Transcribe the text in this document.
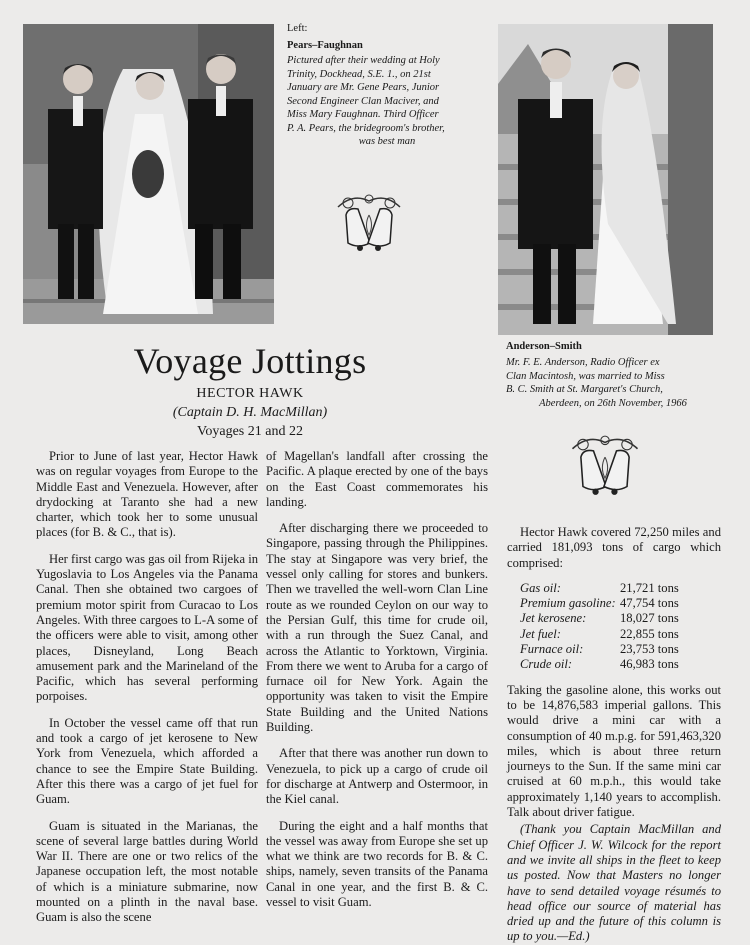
Left:
Pears–Faughnan
Pictured after their wedding at Holy
Trinity, Dockhead, S.E. 1., on 21st
January are Mr. Gene Pears, Junior
Second Engineer Clan Maciver, and
Miss Mary Faughnan. Third Officer
P. A. Pears, the bridegroom's brother,
was best man
Anderson–Smith
Mr. F. E. Anderson, Radio Officer ex
Clan Macintosh, was married to Miss
B. C. Smith at St. Margaret's Church,
Aberdeen, on 26th November, 1966
Voyage Jottings
HECTOR HAWK
(Captain D. H. MacMillan)
Voyages 21 and 22

Prior to June of last year, Hector Hawk was on regular voyages from Europe to the Middle East and Venezuela. However, after drydocking at Taranto she had a new charter, which took her to some unusual places (for B. & C., that is).

Her first cargo was gas oil from Rijeka in Yugoslavia to Los Angeles via the Panama Canal. Then she obtained two cargoes of premium motor spirit from Curacao to Los Angeles. With three cargoes to L-A some of the officers were able to visit, among other places, Disneyland, Long Beach amusement park and the Marineland of the Pacific, which has several performing porpoises.

In October the vessel came off that run and took a cargo of jet kerosene to New York from Venezuela, which afforded a chance to see the Empire State Building. After this there was a cargo of jet fuel for Guam.

Guam is situated in the Marianas, the scene of several large battles during World War II. There are one or two relics of the Japanese occupation left, the most notable of which is a miniature submarine, now mounted on a plinth in the naval base. Guam is also the scene

of Magellan's landfall after crossing the Pacific. A plaque erected by one of the bays on the East Coast commemorates his landing.

After discharging there we proceeded to Singapore, passing through the Philippines. The stay at Singapore was very brief, the vessel only calling for stores and bunkers. Then we travelled the well-worn Clan Line route as we rounded Ceylon on our way to the Persian Gulf, this time for crude oil, with a run through the Suez Canal, and across the Atlantic to Yorktown, Virginia. From there we went to Aruba for a cargo of furnace oil for New York. Again the opportunity was taken to visit the Empire State Building and the United Nations Building.

After that there was another run down to Venezuela, to pick up a cargo of crude oil for discharge at Antwerp and Ostermoor, in the Kiel canal.

During the eight and a half months that the vessel was away from Europe she set up what we think are two records for B. & C. ships, namely, seven transits of the Panama Canal in one year, and the first B. & C. vessel to visit Guam.

Hector Hawk covered 72,250 miles and carried 181,093 tons of cargo which comprised:

Gas oil:	21,721 tons
Premium gasoline:	47,754 tons
Jet kerosene:	18,027 tons
Jet fuel:	22,855 tons
Furnace oil:	23,753 tons
Crude oil:	46,983 tons

Taking the gasoline alone, this works out to be 14,876,583 imperial gallons. This would drive a mini car with a consumption of 40 m.p.g. for 591,463,320 miles, which is about three return journeys to the Sun. If the same mini car cruised at 60 m.p.h., this would take approximately 1,140 years to accomplish. Talk about driver fatigue.

(Thank you Captain MacMillan and Chief Officer J. W. Wilcock for the report and we invite all ships in the fleet to keep us posted. Now that Masters no longer have to send detailed voyage résumés to head office our source of material has dried up and the future of this column is up to you.—Ed.)
